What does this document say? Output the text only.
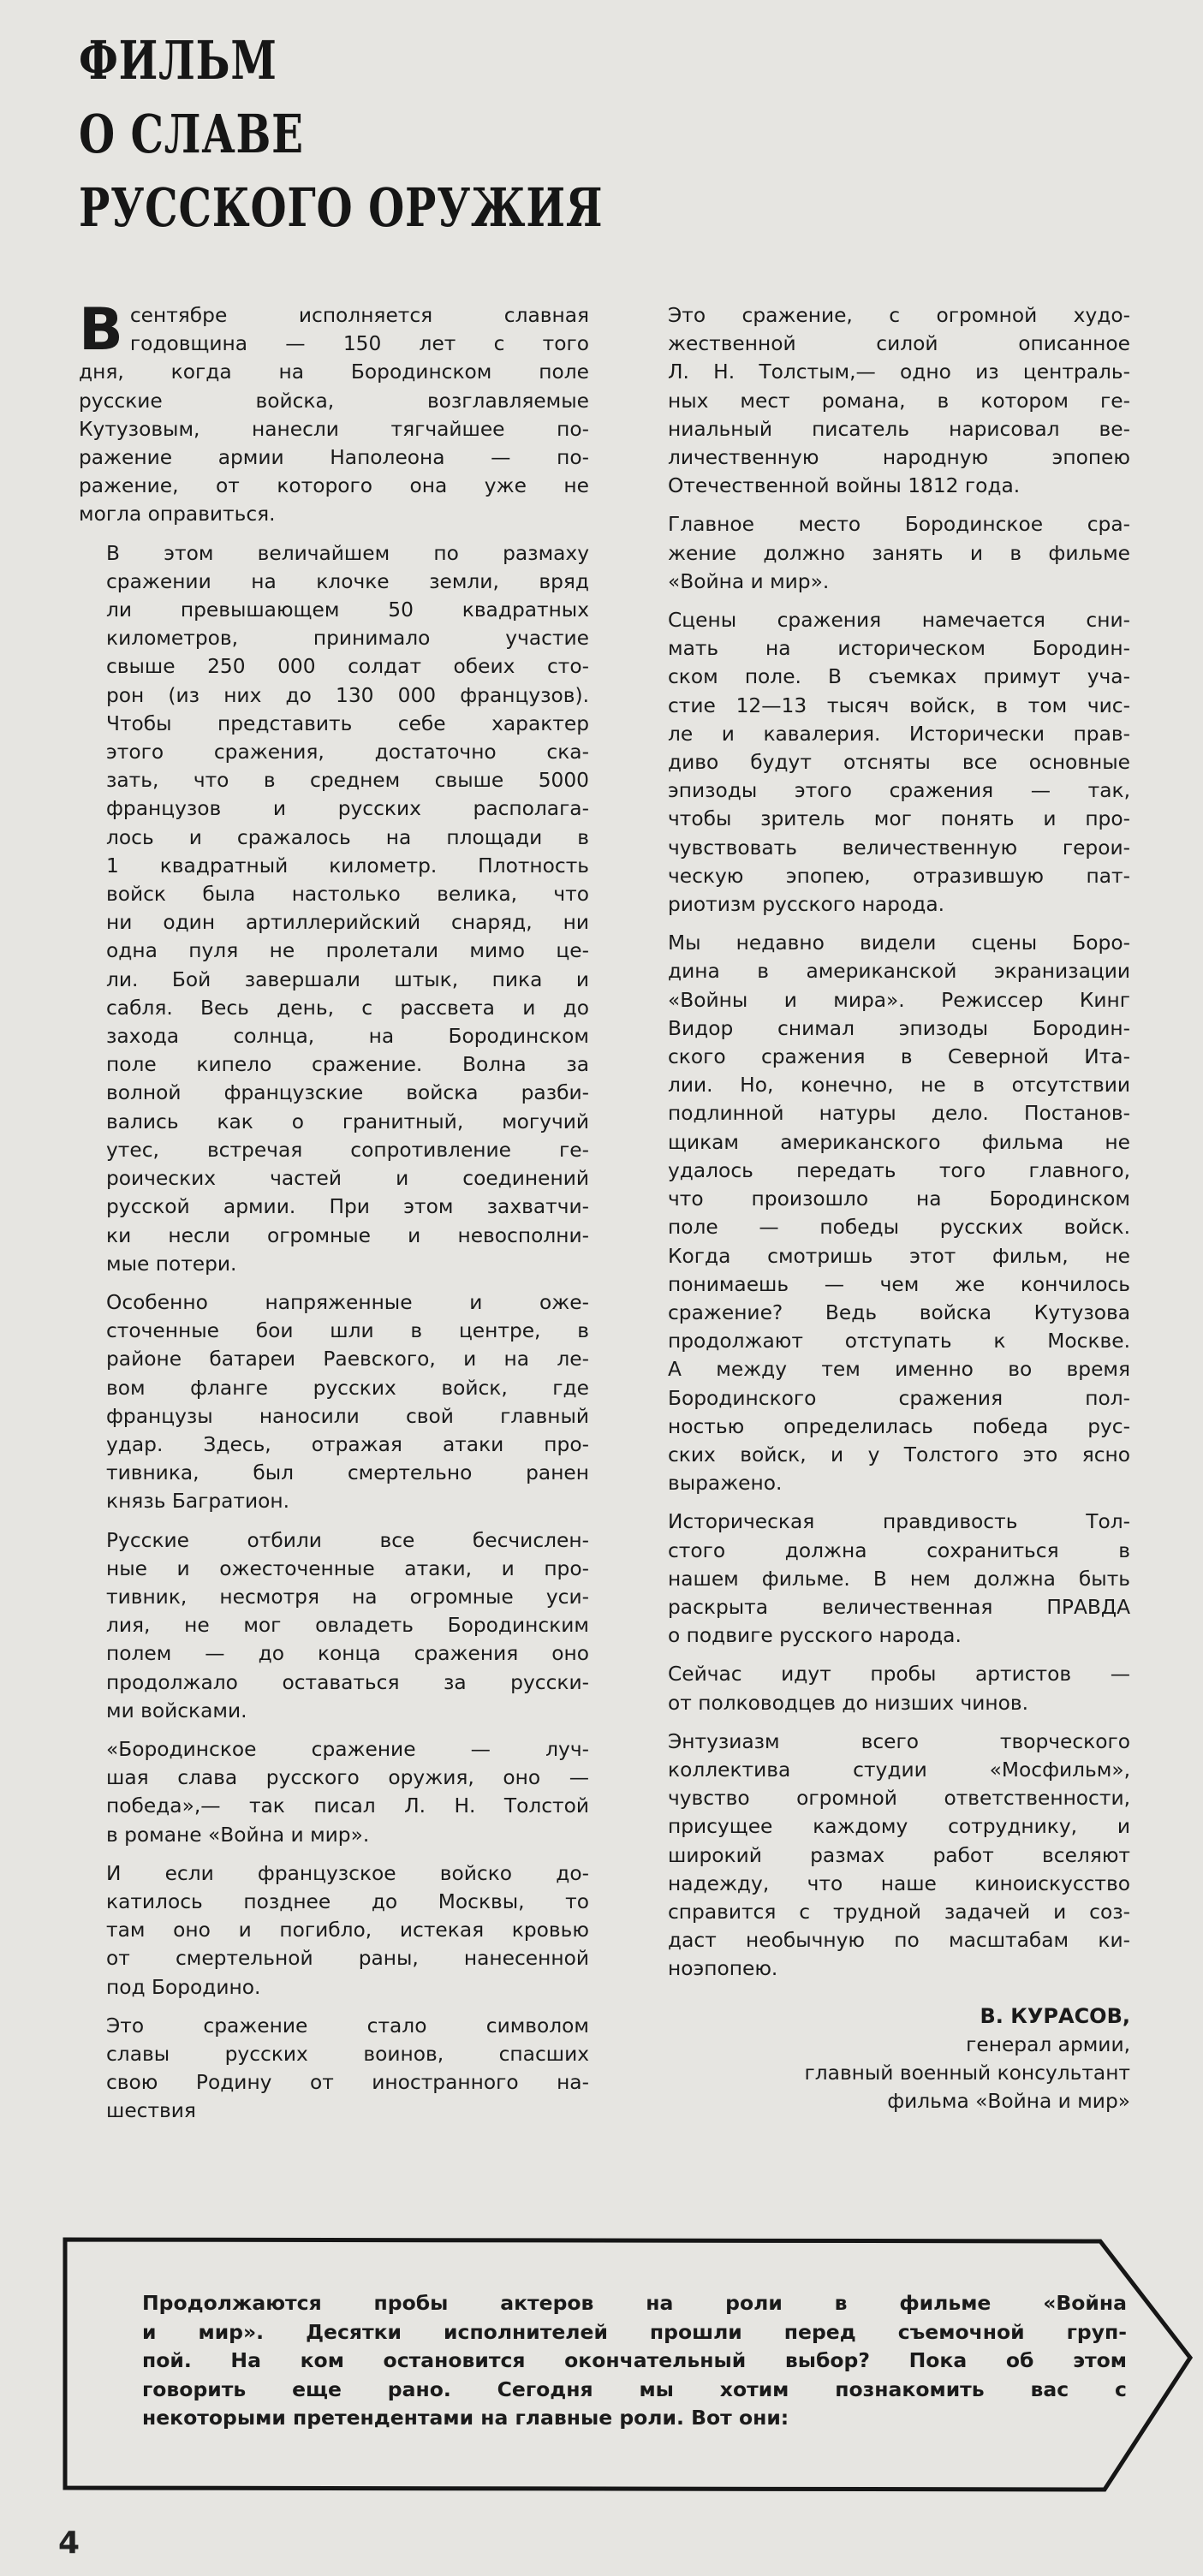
ФИЛЬМ
О СЛАВЕ
РУССКОГО ОРУЖИЯ

В сентябре исполняется славная
годовщина — 150 лет с того
дня, когда на Бородинском поле
русские войска, возглавляемые
Кутузовым, нанесли тягчайшее по-
ражение армии Наполеона — по-
ражение, от которого она уже не
могла оправиться.

В этом величайшем по размаху
сражении на клочке земли, вряд
ли превышающем 50 квадратных
километров, принимало участие
свыше 250 000 солдат обеих сто-
рон (из них до 130 000 французов).
Чтобы представить себе характер
этого сражения, достаточно ска-
зать, что в среднем свыше 5000
французов и русских располага-
лось и сражалось на площади в
1 квадратный километр. Плотность
войск была настолько велика, что
ни один артиллерийский снаряд, ни
одна пуля не пролетали мимо це-
ли. Бой завершали штык, пика и
сабля. Весь день, с рассвета и до
захода солнца, на Бородинском
поле кипело сражение. Волна за
волной французские войска разби-
вались как о гранитный, могучий
утес, встречая сопротивление ге-
роических частей и соединений
русской армии. При этом захватчи-
ки несли огромные и невосполни-
мые потери.

Особенно напряженные и оже-
сточенные бои шли в центре, в
районе батареи Раевского, и на ле-
вом фланге русских войск, где
французы наносили свой главный
удар. Здесь, отражая атаки про-
тивника, был смертельно ранен
князь Багратион.

Русские отбили все бесчислен-
ные и ожесточенные атаки, и про-
тивник, несмотря на огромные уси-
лия, не мог овладеть Бородинским
полем — до конца сражения оно
продолжало оставаться за русски-
ми войсками.

«Бородинское сражение — луч-
шая слава русского оружия, оно —
победа»,— так писал Л. Н. Толстой
в романе «Война и мир».

И если французское войско до-
катилось позднее до Москвы, то
там оно и погибло, истекая кровью
от смертельной раны, нанесенной
под Бородино.

Это сражение стало символом
славы русских воинов, спасших
свою Родину от иностранного на-
шествия

Это сражение, с огромной худо-
жественной силой описанное
Л. Н. Толстым,— одно из централь-
ных мест романа, в котором ге-
ниальный писатель нарисовал ве-
личественную народную эпопею
Отечественной войны 1812 года.

Главное место Бородинское сра-
жение должно занять и в фильме
«Война и мир».

Сцены сражения намечается сни-
мать на историческом Бородин-
ском поле. В съемках примут уча-
стие 12—13 тысяч войск, в том чис-
ле и кавалерия. Исторически прав-
диво будут отсняты все основные
эпизоды этого сражения — так,
чтобы зритель мог понять и про-
чувствовать величественную герои-
ческую эпопею, отразившую пат-
риотизм русского народа.

Мы недавно видели сцены Боро-
дина в американской экранизации
«Войны и мира». Режиссер Кинг
Видор снимал эпизоды Бородин-
ского сражения в Северной Ита-
лии. Но, конечно, не в отсутствии
подлинной натуры дело. Постанов-
щикам американского фильма не
удалось передать того главного,
что произошло на Бородинском
поле — победы русских войск.
Когда смотришь этот фильм, не
понимаешь — чем же кончилось
сражение? Ведь войска Кутузова
продолжают отступать к Москве.
А между тем именно во время
Бородинского сражения пол-
ностью определилась победа рус-
ских войск, и у Толстого это ясно
выражено.

Историческая правдивость Тол-
стого должна сохраниться в
нашем фильме. В нем должна быть
раскрыта величественная ПРАВДА
о подвиге русского народа.

Сейчас идут пробы артистов —
от полководцев до низших чинов.

Энтузиазм всего творческого
коллектива студии «Мосфильм»,
чувство огромной ответственности,
присущее каждому сотруднику, и
широкий размах работ вселяют
надежду, что наше киноискусство
справится с трудной задачей и соз-
даст необычную по масштабам ки-
ноэпопею.

В. КУРАСОВ,
генерал армии,
главный военный консультант
фильма «Война и мир»
Продолжаются пробы актеров на роли в фильме «Война
и мир». Десятки исполнителей прошли перед съемочной груп-
пой. На ком остановится окончательный выбор? Пока об этом
говорить еще рано. Сегодня мы хотим познакомить вас с
некоторыми претендентами на главные роли. Вот они:
4
